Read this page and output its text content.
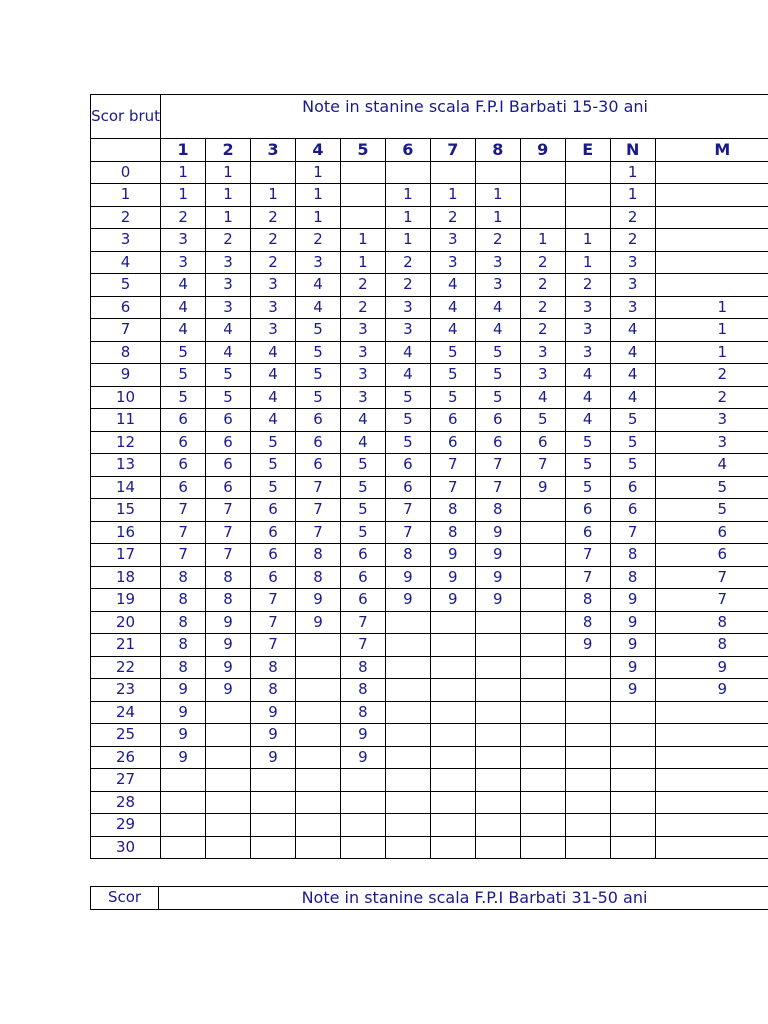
Scor brut	Note in stanine scala F.P.I Barbati 15-30 ani											
	1	2	3	4	5	6	7	8	9	E	N	M
0	1	1		1							1	
1	1	1	1	1		1	1	1			1	
2	2	1	2	1		1	2	1			2	
3	3	2	2	2	1	1	3	2	1	1	2	
4	3	3	2	3	1	2	3	3	2	1	3	
5	4	3	3	4	2	2	4	3	2	2	3	
6	4	3	3	4	2	3	4	4	2	3	3	1
7	4	4	3	5	3	3	4	4	2	3	4	1
8	5	4	4	5	3	4	5	5	3	3	4	1
9	5	5	4	5	3	4	5	5	3	4	4	2
10	5	5	4	5	3	5	5	5	4	4	4	2
11	6	6	4	6	4	5	6	6	5	4	5	3
12	6	6	5	6	4	5	6	6	6	5	5	3
13	6	6	5	6	5	6	7	7	7	5	5	4
14	6	6	5	7	5	6	7	7	9	5	6	5
15	7	7	6	7	5	7	8	8		6	6	5
16	7	7	6	7	5	7	8	9		6	7	6
17	7	7	6	8	6	8	9	9		7	8	6
18	8	8	6	8	6	9	9	9		7	8	7
19	8	8	7	9	6	9	9	9		8	9	7
20	8	9	7	9	7					8	9	8
21	8	9	7		7					9	9	8
22	8	9	8		8						9	9
23	9	9	8		8						9	9
24	9		9		8							
25	9		9		9							
26	9		9		9							
27												
28												
29												
30												
Scor	Note in stanine scala F.P.I Barbati 31-50 ani
